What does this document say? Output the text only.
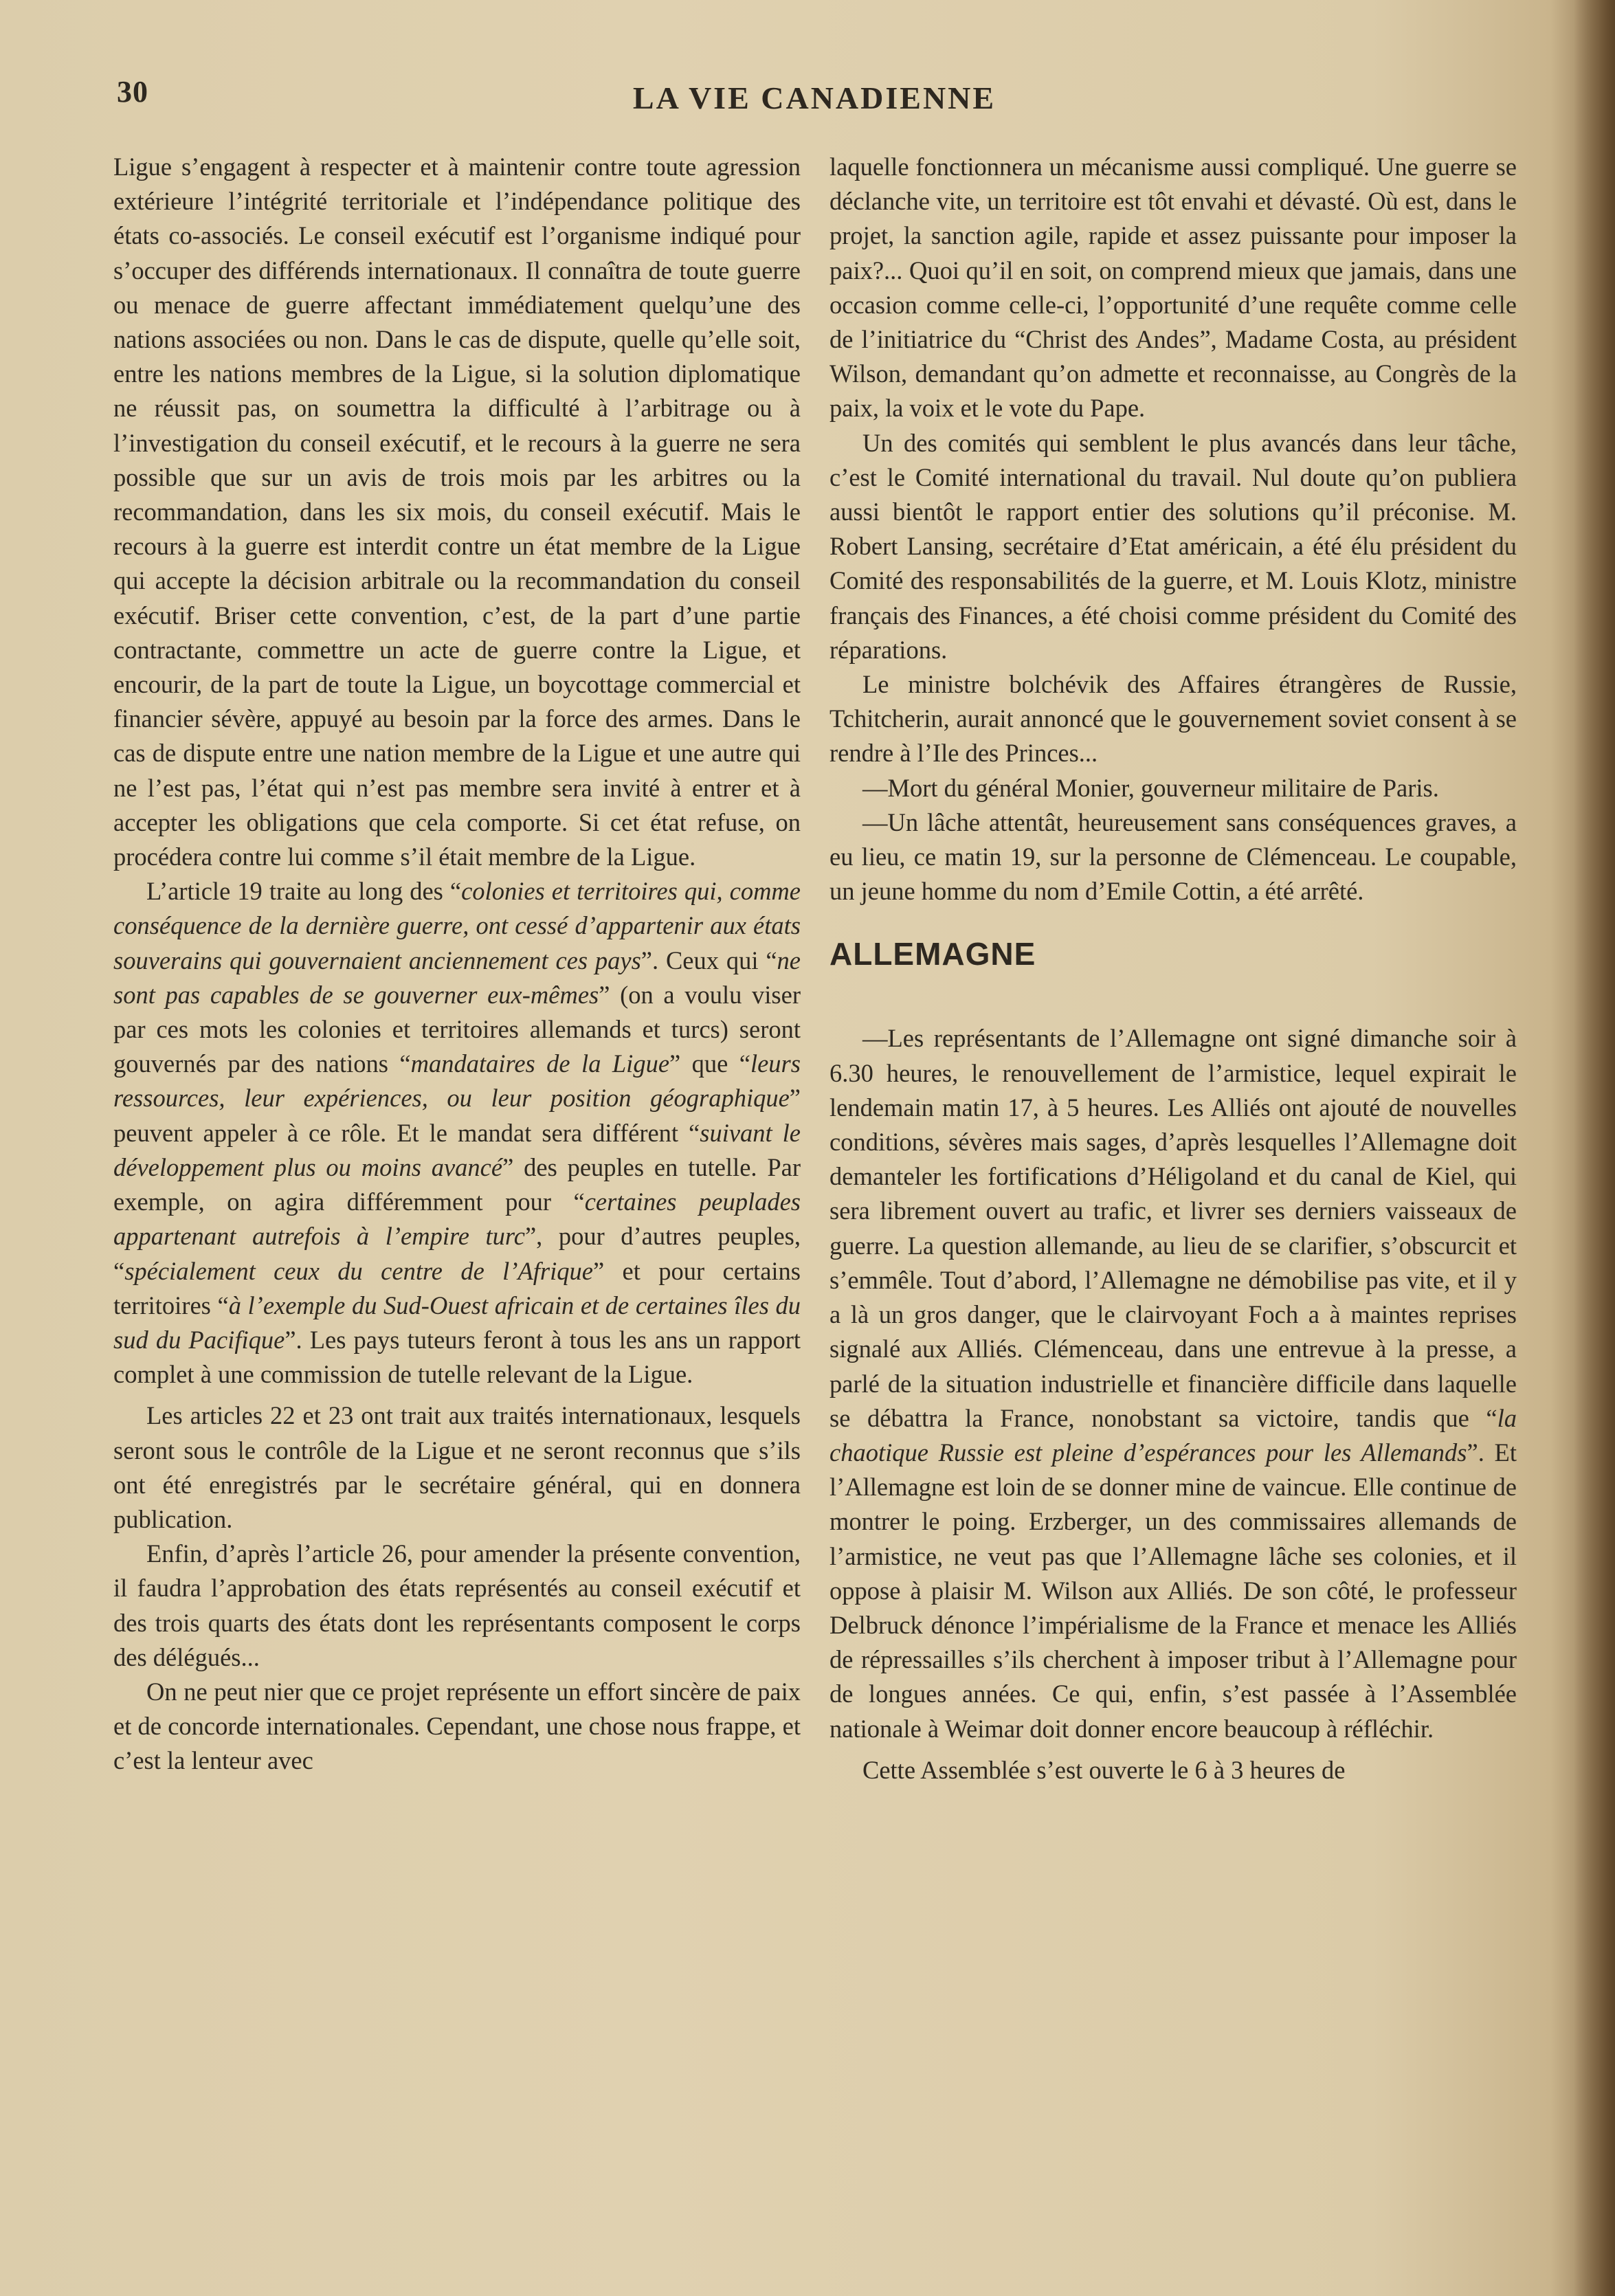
30	LA VIE CANADIENNE

Ligue s’engagent à respecter et à maintenir contre toute agression extérieure l’intégrité territoriale et l’indépendance politique des états co-associés. Le conseil exécutif est l’organisme indiqué pour s’occuper des différends internationaux. Il connaîtra de toute guerre ou menace de guerre affectant immédiatement quelqu’une des nations associées ou non. Dans le cas de dispute, quelle qu’elle soit, entre les nations membres de la Ligue, si la solution diplomatique ne réussit pas, on soumettra la difficulté à l’arbitrage ou à l’investigation du conseil exécutif, et le recours à la guerre ne sera possible que sur un avis de trois mois par les arbitres ou la recommandation, dans les six mois, du conseil exécutif. Mais le recours à la guerre est interdit contre un état membre de la Ligue qui accepte la décision arbitrale ou la recommandation du conseil exécutif. Briser cette convention, c’est, de la part d’une partie contractante, commettre un acte de guerre contre la Ligue, et encourir, de la part de toute la Ligue, un boycottage commercial et financier sévère, appuyé au besoin par la force des armes. Dans le cas de dispute entre une nation membre de la Ligue et une autre qui ne l’est pas, l’état qui n’est pas membre sera invité à entrer et à accepter les obligations que cela comporte. Si cet état refuse, on procédera contre lui comme s’il était membre de la Ligue.

L’article 19 traite au long des “colonies et territoires qui, comme conséquence de la dernière guerre, ont cessé d’appartenir aux états souverains qui gouvernaient anciennement ces pays”. Ceux qui “ne sont pas capables de se gouverner eux-mêmes” (on a voulu viser par ces mots les colonies et territoires allemands et turcs) seront gouvernés par des nations “mandataires de la Ligue” que “leurs ressources, leur expériences, ou leur position géographique” peuvent appeler à ce rôle. Et le mandat sera différent “suivant le développement plus ou moins avancé” des peuples en tutelle. Par exemple, on agira différemment pour “certaines peuplades appartenant autrefois à l’empire turc”, pour d’autres peuples, “spécialement ceux du centre de l’Afrique” et pour certains territoires “à l’exemple du Sud-Ouest africain et de certaines îles du sud du Pacifique”. Les pays tuteurs feront à tous les ans un rapport complet à une commission de tutelle relevant de la Ligue.

Les articles 22 et 23 ont trait aux traités internationaux, lesquels seront sous le contrôle de la Ligue et ne seront reconnus que s’ils ont été enregistrés par le secrétaire général, qui en donnera publication.

Enfin, d’après l’article 26, pour amender la présente convention, il faudra l’approbation des états représentés au conseil exécutif et des trois quarts des états dont les représentants composent le corps des délégués...

On ne peut nier que ce projet représente un effort sincère de paix et de concorde internationales. Cependant, une chose nous frappe, et c’est la lenteur avec

laquelle fonctionnera un mécanisme aussi compliqué. Une guerre se déclanche vite, un territoire est tôt envahi et dévasté. Où est, dans le projet, la sanction agile, rapide et assez puissante pour imposer la paix?... Quoi qu’il en soit, on comprend mieux que jamais, dans une occasion comme celle-ci, l’opportunité d’une requête comme celle de l’initiatrice du “Christ des Andes”, Madame Costa, au président Wilson, demandant qu’on admette et reconnaisse, au Congrès de la paix, la voix et le vote du Pape.

Un des comités qui semblent le plus avancés dans leur tâche, c’est le Comité international du travail. Nul doute qu’on publiera aussi bientôt le rapport entier des solutions qu’il préconise. M. Robert Lansing, secrétaire d’Etat américain, a été élu président du Comité des responsabilités de la guerre, et M. Louis Klotz, ministre français des Finances, a été choisi comme président du Comité des réparations.

Le ministre bolchévik des Affaires étrangères de Russie, Tchitcherin, aurait annoncé que le gouvernement soviet consent à se rendre à l’Ile des Princes...

—Mort du général Monier, gouverneur militaire de Paris.

—Un lâche attentât, heureusement sans conséquences graves, a eu lieu, ce matin 19, sur la personne de Clémenceau. Le coupable, un jeune homme du nom d’Emile Cottin, a été arrêté.

ALLEMAGNE

—Les représentants de l’Allemagne ont signé dimanche soir à 6.30 heures, le renouvellement de l’armistice, lequel expirait le lendemain matin 17, à 5 heures. Les Alliés ont ajouté de nouvelles conditions, sévères mais sages, d’après lesquelles l’Allemagne doit demanteler les fortifications d’Héligoland et du canal de Kiel, qui sera librement ouvert au trafic, et livrer ses derniers vaisseaux de guerre. La question allemande, au lieu de se clarifier, s’obscurcit et s’emmêle. Tout d’abord, l’Allemagne ne démobilise pas vite, et il y a là un gros danger, que le clairvoyant Foch a à maintes reprises signalé aux Alliés. Clémenceau, dans une entrevue à la presse, a parlé de la situation industrielle et financière difficile dans laquelle se débattra la France, nonobstant sa victoire, tandis que “la chaotique Russie est pleine d’espérances pour les Allemands”. Et l’Allemagne est loin de se donner mine de vaincue. Elle continue de montrer le poing. Erzberger, un des commissaires allemands de l’armistice, ne veut pas que l’Allemagne lâche ses colonies, et il oppose à plaisir M. Wilson aux Alliés. De son côté, le professeur Delbruck dénonce l’impérialisme de la France et menace les Alliés de répressailles s’ils cherchent à imposer tribut à l’Allemagne pour de longues années. Ce qui, enfin, s’est passée à l’Assemblée nationale à Weimar doit donner encore beaucoup à réfléchir.

Cette Assemblée s’est ouverte le 6 à 3 heures de
